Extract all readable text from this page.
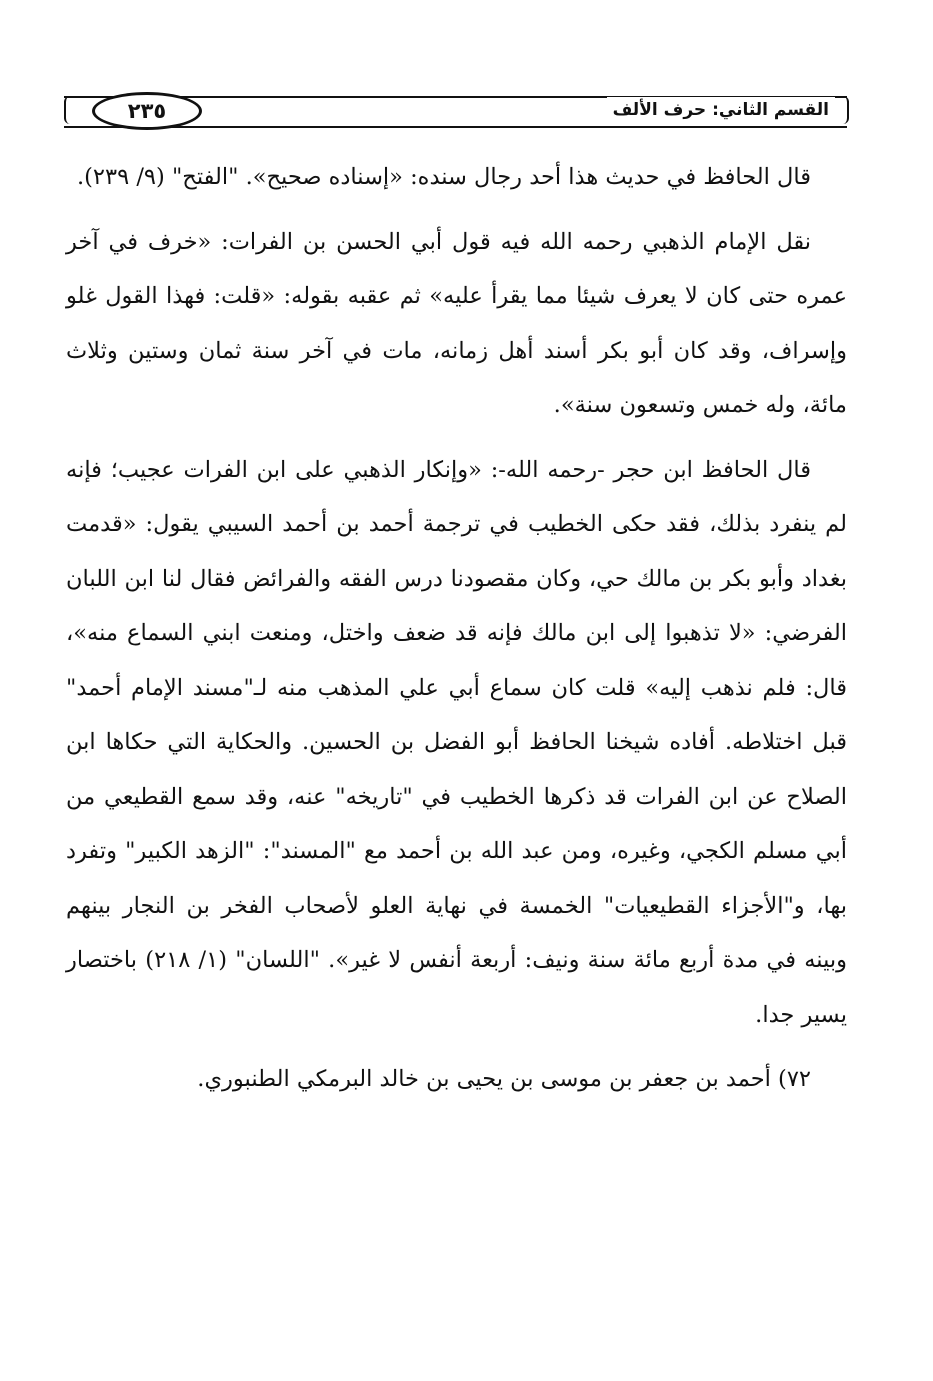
القسم الثاني: حرف الألف
٢٣٥

قال الحافظ في حديث هذا أحد رجال سنده: «إسناده صحيح». "الفتح" (٩/ ٢٣٩).

نقل الإمام الذهبي رحمه الله فيه قول أبي الحسن بن الفرات: «خرف في آخر عمره حتى كان لا يعرف شيئا مما يقرأ عليه» ثم عقبه بقوله: «قلت: فهذا القول غلو وإسراف، وقد كان أبو بكر أسند أهل زمانه، مات في آخر سنة ثمان وستين وثلاث مائة، وله خمس وتسعون سنة».

قال الحافظ ابن حجر -رحمه الله-: «وإنكار الذهبي على ابن الفرات عجيب؛ فإنه لم ينفرد بذلك، فقد حكى الخطيب في ترجمة أحمد بن أحمد السيبي يقول: «قدمت بغداد وأبو بكر بن مالك حي، وكان مقصودنا درس الفقه والفرائض فقال لنا ابن اللبان الفرضي: «لا تذهبوا إلى ابن مالك فإنه قد ضعف واختل، ومنعت ابني السماع منه»، قال: فلم نذهب إليه» قلت كان سماع أبي علي المذهب منه لـ"مسند الإمام أحمد" قبل اختلاطه. أفاده شيخنا الحافظ أبو الفضل بن الحسين. والحكاية التي حكاها ابن الصلاح عن ابن الفرات قد ذكرها الخطيب في "تاريخه" عنه، وقد سمع القطيعي من أبي مسلم الكجي، وغيره، ومن عبد الله بن أحمد مع "المسند": "الزهد الكبير" وتفرد بها، و"الأجزاء القطيعيات" الخمسة في نهاية العلو لأصحاب الفخر بن النجار بينهم وبينه في مدة أربع مائة سنة ونيف: أربعة أنفس لا غير». "اللسان" (١/ ٢١٨) باختصار يسير جدا.

٧٢) أحمد بن جعفر بن موسى بن يحيى بن خالد البرمكي الطنبوري.
